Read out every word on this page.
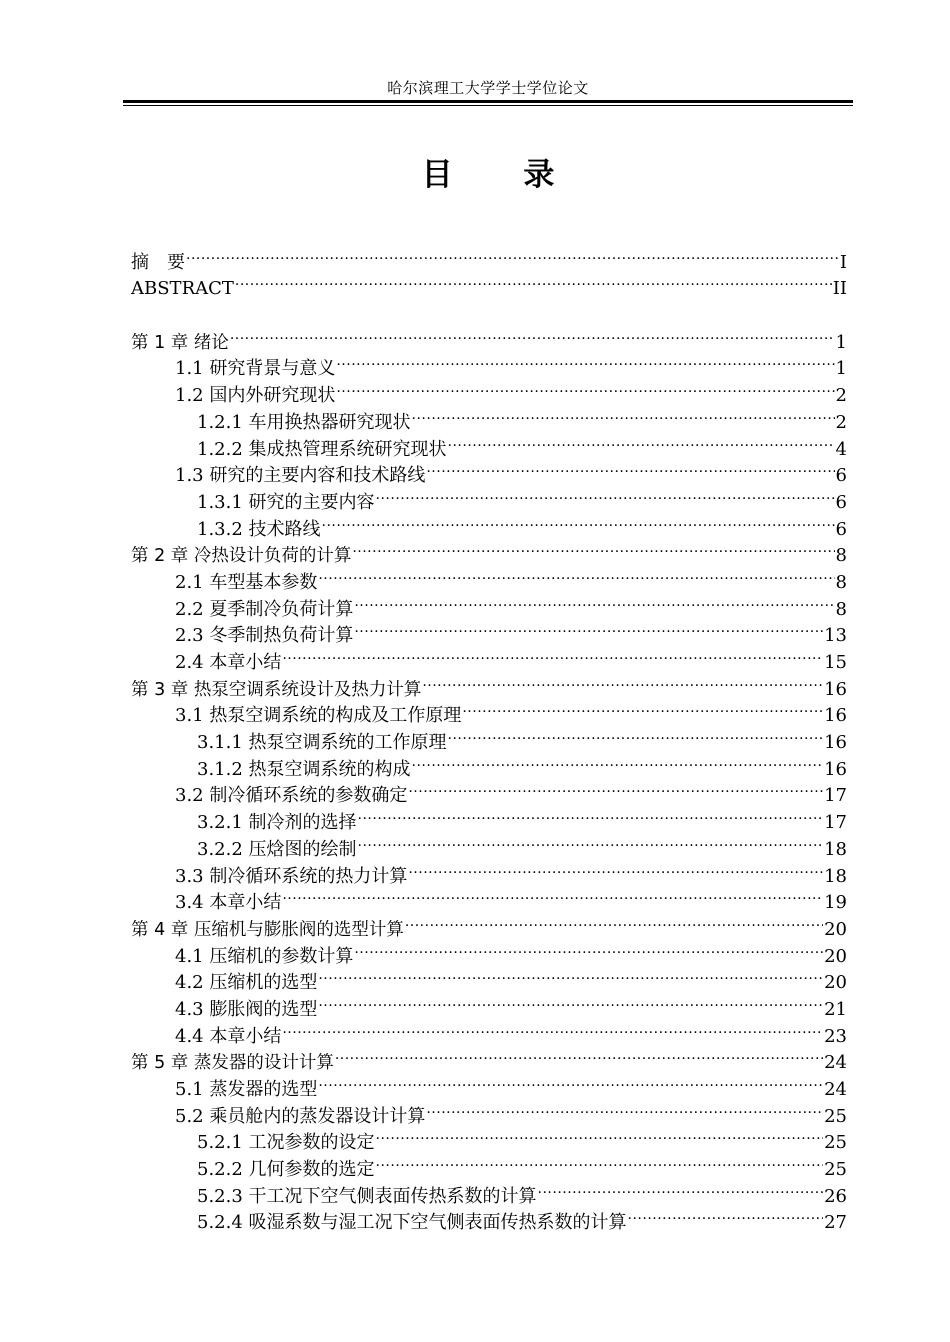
哈尔滨理工大学学士学位论文
目 录
摘　要 .....	I
ABSTRACT .....	II
第 1 章 绪论 .....	1
1.1 研究背景与意义 .....	1
1.2 国内外研究现状 .....	2
1.2.1 车用换热器研究现状 .....	2
1.2.2 集成热管理系统研究现状 .....	4
1.3 研究的主要内容和技术路线 .....	6
1.3.1 研究的主要内容 .....	6
1.3.2 技术路线 .....	6
第 2 章 冷热设计负荷的计算 .....	8
2.1 车型基本参数 .....	8
2.2 夏季制冷负荷计算 .....	8
2.3 冬季制热负荷计算 .....	13
2.4 本章小结 .....	15
第 3 章 热泵空调系统设计及热力计算 .....	16
3.1 热泵空调系统的构成及工作原理 .....	16
3.1.1 热泵空调系统的工作原理 .....	16
3.1.2 热泵空调系统的构成 .....	16
3.2 制冷循环系统的参数确定 .....	17
3.2.1 制冷剂的选择 .....	17
3.2.2 压焓图的绘制 .....	18
3.3 制冷循环系统的热力计算 .....	18
3.4 本章小结 .....	19
第 4 章 压缩机与膨胀阀的选型计算 .....	20
4.1 压缩机的参数计算 .....	20
4.2 压缩机的选型 .....	20
4.3 膨胀阀的选型 .....	21
4.4 本章小结 .....	23
第 5 章 蒸发器的设计计算 .....	24
5.1 蒸发器的选型 .....	24
5.2 乘员舱内的蒸发器设计计算 .....	25
5.2.1 工况参数的设定 .....	25
5.2.2 几何参数的选定 .....	25
5.2.3 干工况下空气侧表面传热系数的计算 .....	26
5.2.4 吸湿系数与湿工况下空气侧表面传热系数的计算 .....	27
